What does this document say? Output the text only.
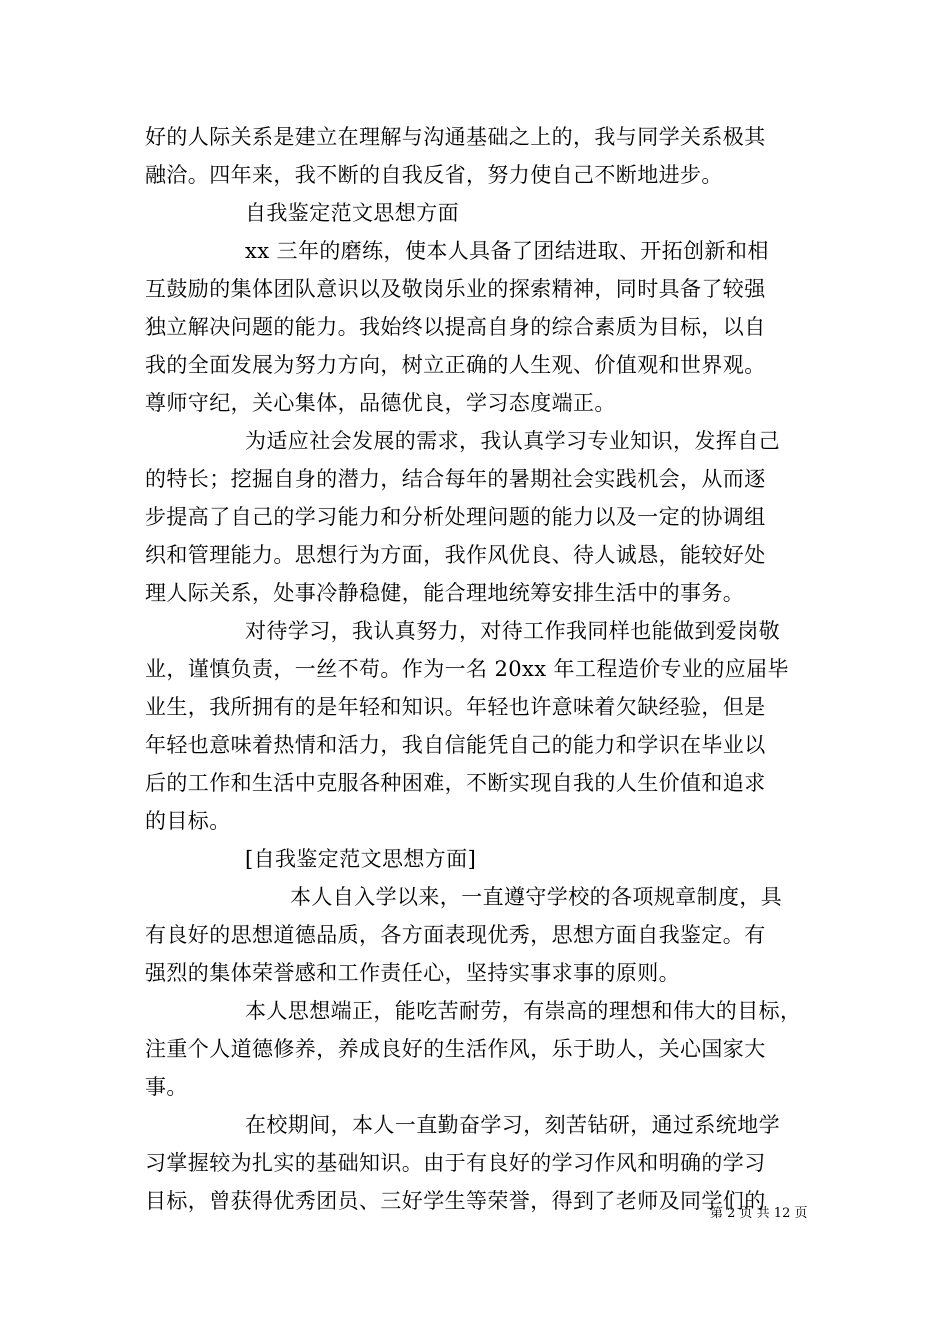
好的人际关系是建立在理解与沟通基础之上的，我与同学关系极其
融洽。四年来，我不断的自我反省，努力使自己不断地进步。
自我鉴定范文思想方面
xx 三年的磨练，使本人具备了团结进取、开拓创新和相
互鼓励的集体团队意识以及敬岗乐业的探索精神，同时具备了较强
独立解决问题的能力。我始终以提高自身的综合素质为目标，以自
我的全面发展为努力方向，树立正确的人生观、价值观和世界观。
尊师守纪，关心集体，品德优良，学习态度端正。
为适应社会发展的需求，我认真学习专业知识，发挥自己
的特长；挖掘自身的潜力，结合每年的暑期社会实践机会，从而逐
步提高了自己的学习能力和分析处理问题的能力以及一定的协调组
织和管理能力。思想行为方面，我作风优良、待人诚恳，能较好处
理人际关系，处事冷静稳健，能合理地统筹安排生活中的事务。
对待学习，我认真努力，对待工作我同样也能做到爱岗敬
业，谨慎负责，一丝不苟。作为一名 20xx 年工程造价专业的应届毕
业生，我所拥有的是年轻和知识。年轻也许意味着欠缺经验，但是
年轻也意味着热情和活力，我自信能凭自己的能力和学识在毕业以
后的工作和生活中克服各种困难，不断实现自我的人生价值和追求
的目标。
[自我鉴定范文思想方面]
本人自入学以来，一直遵守学校的各项规章制度，具
有良好的思想道德品质，各方面表现优秀，思想方面自我鉴定。有
强烈的集体荣誉感和工作责任心，坚持实事求事的原则。
本人思想端正，能吃苦耐劳，有崇高的理想和伟大的目标，
注重个人道德修养，养成良好的生活作风，乐于助人，关心国家大
事。
在校期间，本人一直勤奋学习，刻苦钻研，通过系统地学
习掌握较为扎实的基础知识。由于有良好的学习作风和明确的学习
目标，曾获得优秀团员、三好学生等荣誉，得到了老师及同学们的
第 2 页 共 12 页
